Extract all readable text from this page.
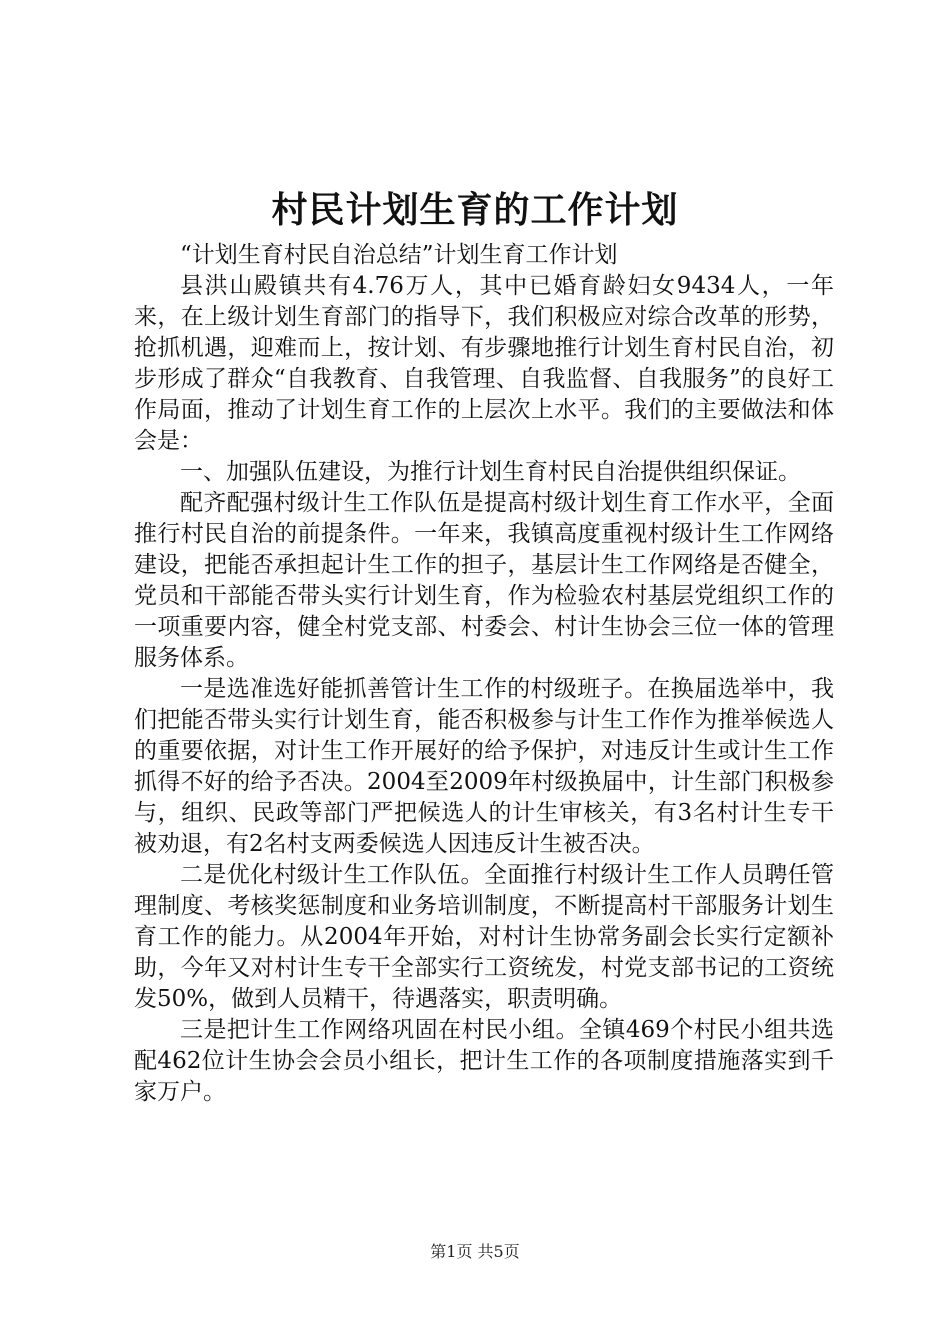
村民计划生育的工作计划

“计划生育村民自治总结”计划生育工作计划

县洪山殿镇共有4.76万人，其中已婚育龄妇女9434人，一年来，在上级计划生育部门的指导下，我们积极应对综合改革的形势，抢抓机遇，迎难而上，按计划、有步骤地推行计划生育村民自治，初步形成了群众“自我教育、自我管理、自我监督、自我服务”的良好工作局面，推动了计划生育工作的上层次上水平。我们的主要做法和体会是：

一、加强队伍建设，为推行计划生育村民自治提供组织保证。

配齐配强村级计生工作队伍是提高村级计划生育工作水平，全面推行村民自治的前提条件。一年来，我镇高度重视村级计生工作网络建设，把能否承担起计生工作的担子，基层计生工作网络是否健全，党员和干部能否带头实行计划生育，作为检验农村基层党组织工作的一项重要内容，健全村党支部、村委会、村计生协会三位一体的管理服务体系。

一是选准选好能抓善管计生工作的村级班子。在换届选举中，我们把能否带头实行计划生育，能否积极参与计生工作作为推举候选人的重要依据，对计生工作开展好的给予保护，对违反计生或计生工作抓得不好的给予否决。2004至2009年村级换届中，计生部门积极参与，组织、民政等部门严把候选人的计生审核关，有3名村计生专干被劝退，有2名村支两委候选人因违反计生被否决。

二是优化村级计生工作队伍。全面推行村级计生工作人员聘任管理制度、考核奖惩制度和业务培训制度，不断提高村干部服务计划生育工作的能力。从2004年开始，对村计生协常务副会长实行定额补助，今年又对村计生专干全部实行工资统发，村党支部书记的工资统发50%，做到人员精干，待遇落实，职责明确。

三是把计生工作网络巩固在村民小组。全镇469个村民小组共选配462位计生协会会员小组长，把计生工作的各项制度措施落实到千家万户。

第1页 共5页
